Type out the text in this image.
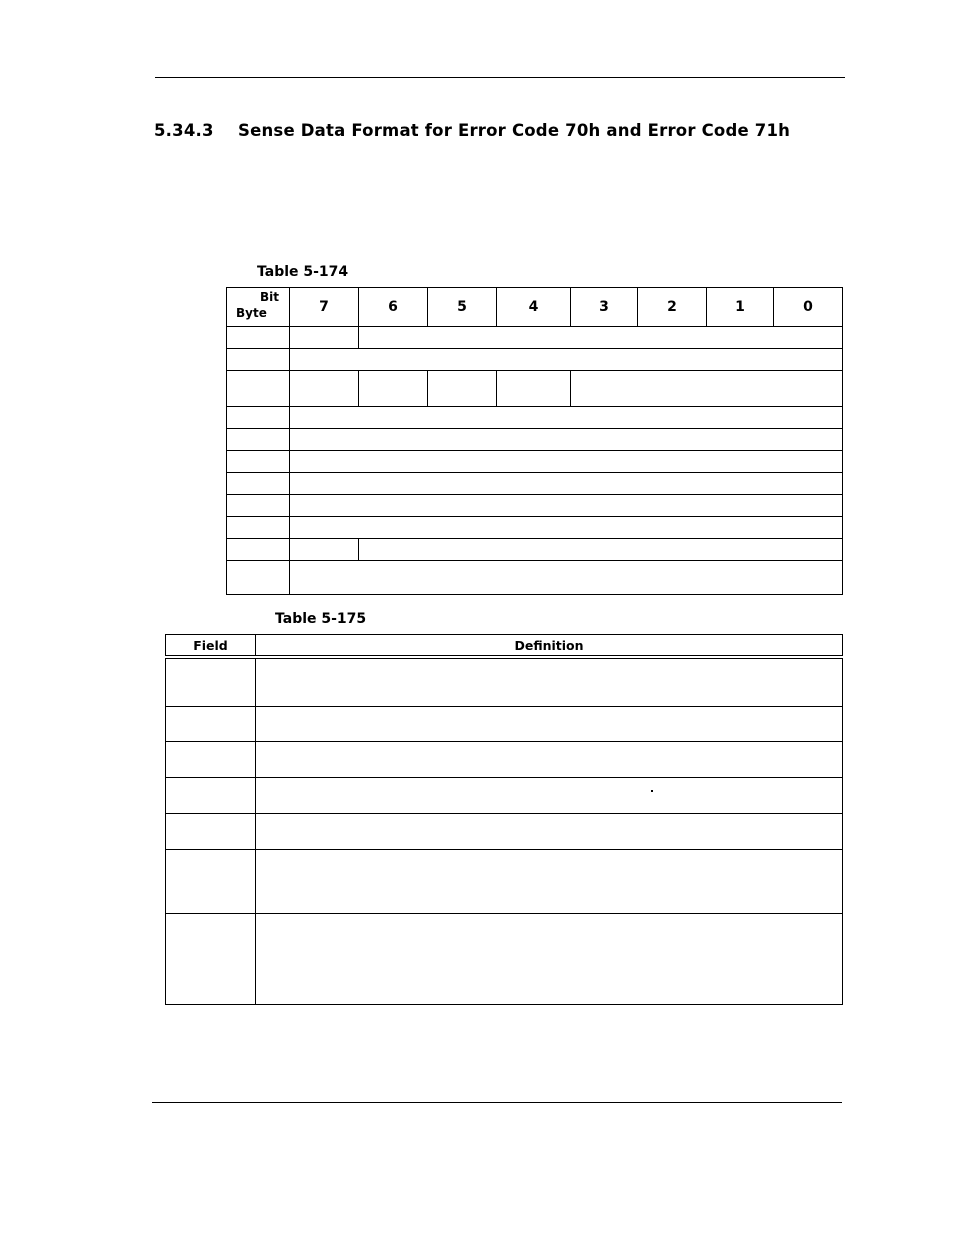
5.34.3 Sense Data Format for Error Code 70h and Error Code 71h
Table 5-174
Bit
Byte	7	6	5	4	3	2	1	0

Table 5-175
Field	Definition
